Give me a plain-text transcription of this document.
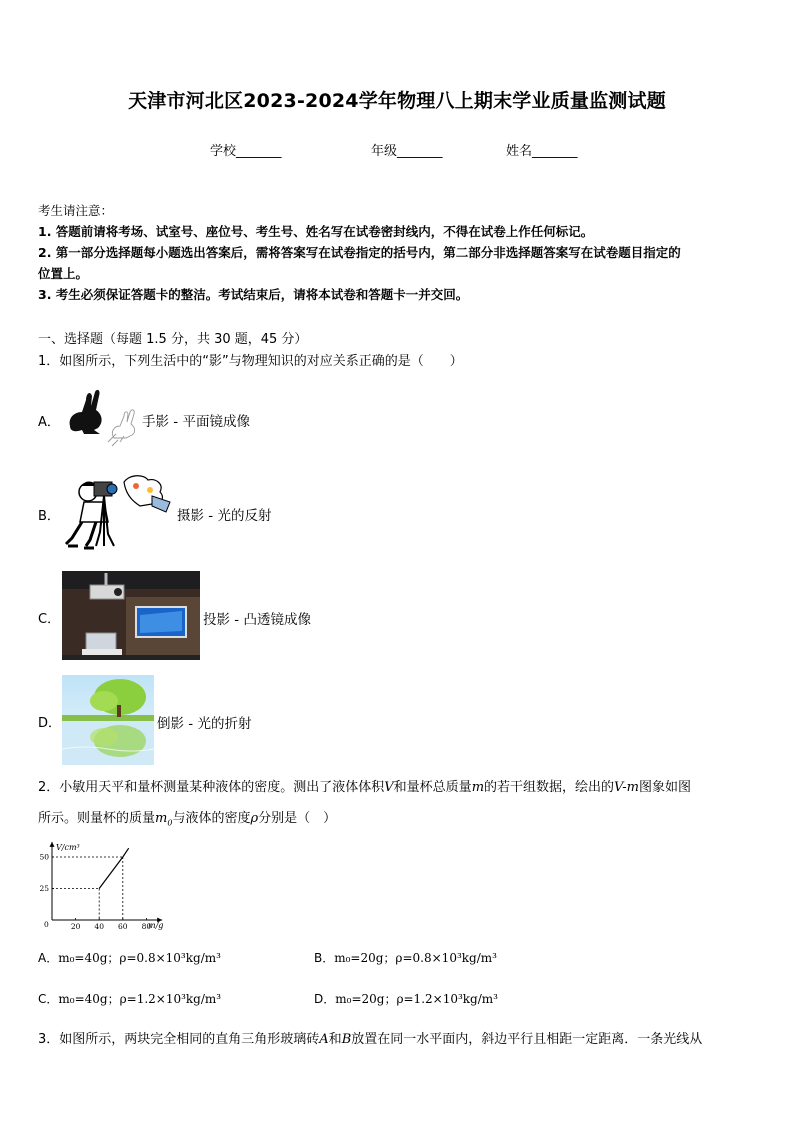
天津市河北区2023-2024学年物理八上期末学业质量监测试题
学校_______	年级_______	姓名_______
考生请注意：
1. 答题前请将考场、试室号、座位号、考生号、姓名写在试卷密封线内，不得在试卷上作任何标记。
2. 第一部分选择题每小题选出答案后，需将答案写在试卷指定的括号内，第二部分非选择题答案写在试卷题目指定的
位置上。
3. 考生必须保证答题卡的整洁。考试结束后，请将本试卷和答题卡一并交回。
一、选择题（每题 1.5 分，共 30 题，45 分）
1．如图所示，下列生活中的“影”与物理知识的对应关系正确的是（　　）
A．	手影 - 平面镜成像
B．	摄影 - 光的反射
C．	投影 - 凸透镜成像
D．	倒影 - 光的折射
2．小敏用天平和量杯测量某种液体的密度。测出了液体体积V和量杯总质量m的若干组数据，绘出的V-m图象如图
所示。则量杯的质量$m_0$与液体的密度ρ分别是（　）
V/cm³
m/g
0	20 40 60 80
25
50
A．m₀=40g；ρ=0.8×10³kg/m³	B．m₀=20g；ρ=0.8×10³kg/m³
C．m₀=40g；ρ=1.2×10³kg/m³	D．m₀=20g；ρ=1.2×10³kg/m³
3．如图所示，两块完全相同的直角三角形玻璃砖A和B放置在同一水平面内，斜边平行且相距一定距离．一条光线从
